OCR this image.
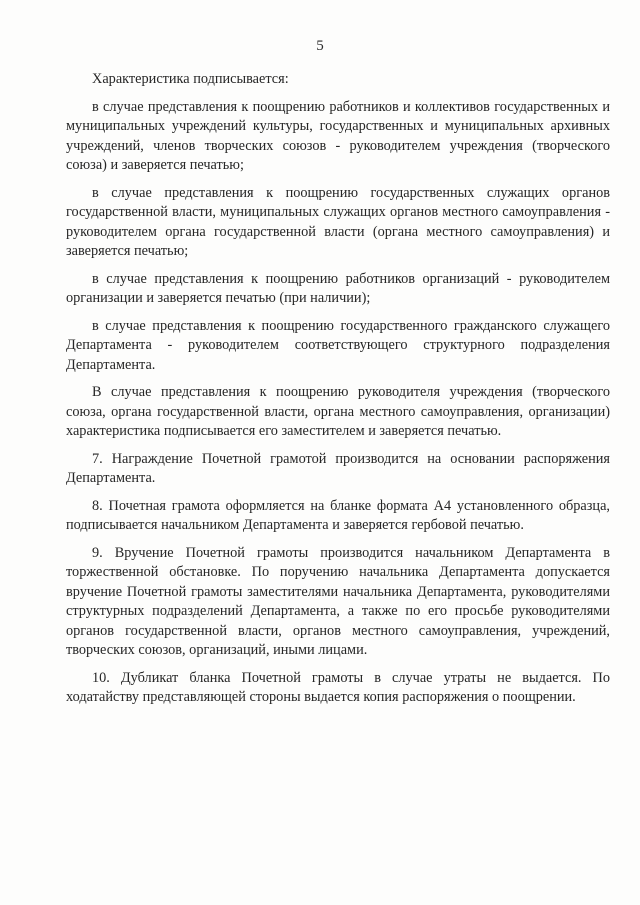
5

Характеристика подписывается:

в случае представления к поощрению работников и коллективов государственных и муниципальных учреждений культуры, государственных и муниципальных архивных учреждений, членов творческих союзов - руководителем учреждения (творческого союза) и заверяется печатью;

в случае представления к поощрению государственных служащих органов государственной власти, муниципальных служащих органов местного самоуправления - руководителем органа государственной власти (органа местного самоуправления) и заверяется печатью;

в случае представления к поощрению работников организаций - руководителем организации и заверяется печатью (при наличии);

в случае представления к поощрению государственного гражданского служащего Департамента - руководителем соответствующего структурного подразделения Департамента.

В случае представления к поощрению руководителя учреждения (творческого союза, органа государственной власти, органа местного самоуправления, организации) характеристика подписывается его заместителем и заверяется печатью.

7. Награждение Почетной грамотой производится на основании распоряжения Департамента.

8. Почетная грамота оформляется на бланке формата А4 установленного образца, подписывается начальником Департамента и заверяется гербовой печатью.

9. Вручение Почетной грамоты производится начальником Департамента в торжественной обстановке. По поручению начальника Департамента допускается вручение Почетной грамоты заместителями начальника Департамента, руководителями структурных подразделений Департамента, а также по его просьбе руководителями органов государственной власти, органов местного самоуправления, учреждений, творческих союзов, организаций, иными лицами.

10. Дубликат бланка Почетной грамоты в случае утраты не выдается. По ходатайству представляющей стороны выдается копия распоряжения о поощрении.
